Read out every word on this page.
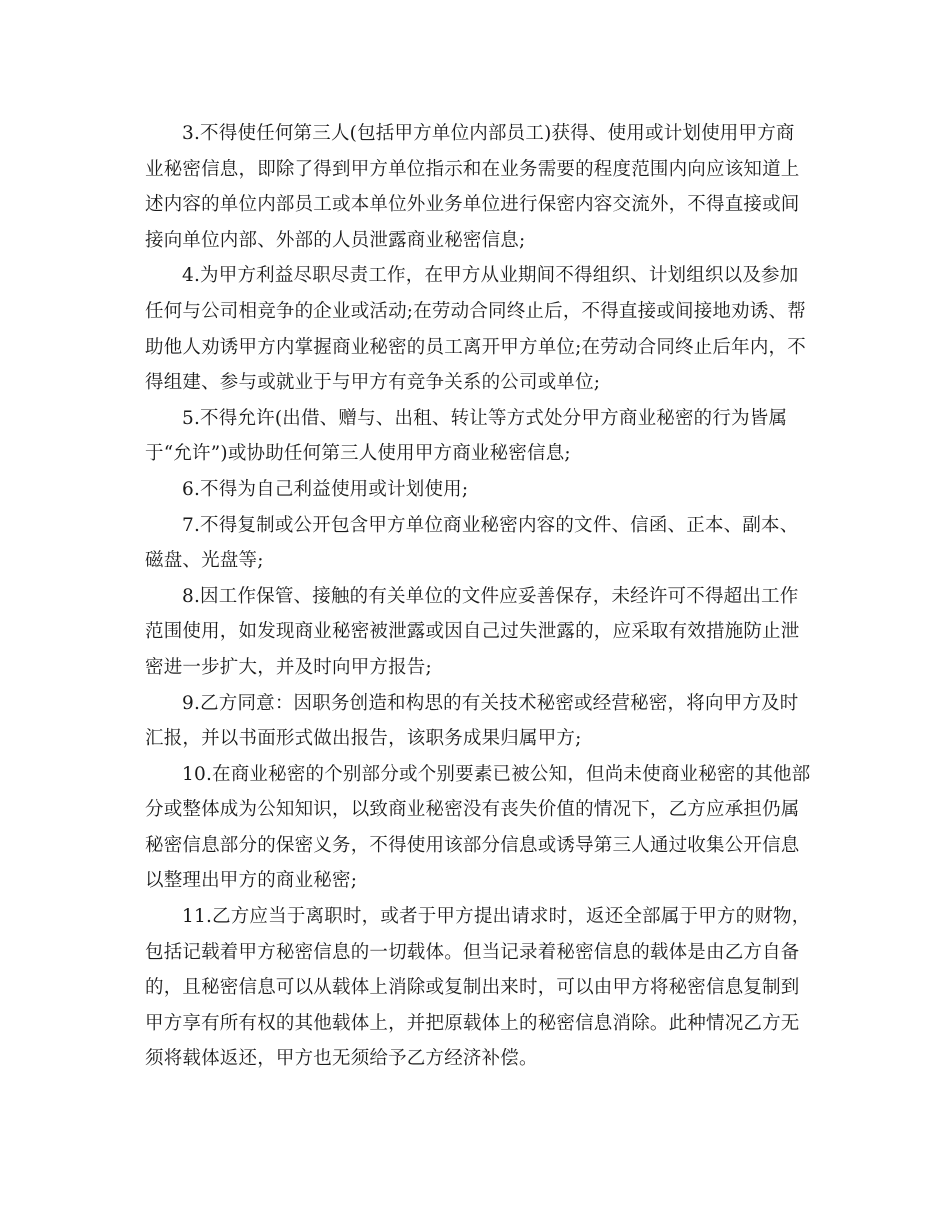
3.不得使任何第三人(包括甲方单位内部员工)获得、使用或计划使用甲方商
业秘密信息，即除了得到甲方单位指示和在业务需要的程度范围内向应该知道上
述内容的单位内部员工或本单位外业务单位进行保密内容交流外，不得直接或间
接向单位内部、外部的人员泄露商业秘密信息;

4.为甲方利益尽职尽责工作，在甲方从业期间不得组织、计划组织以及参加
任何与公司相竞争的企业或活动;在劳动合同终止后，不得直接或间接地劝诱、帮
助他人劝诱甲方内掌握商业秘密的员工离开甲方单位;在劳动合同终止后年内，不
得组建、参与或就业于与甲方有竞争关系的公司或单位;

5.不得允许(出借、赠与、出租、转让等方式处分甲方商业秘密的行为皆属
于“允许”)或协助任何第三人使用甲方商业秘密信息;

6.不得为自己利益使用或计划使用;

7.不得复制或公开包含甲方单位商业秘密内容的文件、信函、正本、副本、
磁盘、光盘等;

8.因工作保管、接触的有关单位的文件应妥善保存，未经许可不得超出工作
范围使用，如发现商业秘密被泄露或因自己过失泄露的，应采取有效措施防止泄
密进一步扩大，并及时向甲方报告;

9.乙方同意：因职务创造和构思的有关技术秘密或经营秘密，将向甲方及时
汇报，并以书面形式做出报告，该职务成果归属甲方;

10.在商业秘密的个别部分或个别要素已被公知，但尚未使商业秘密的其他部
分或整体成为公知知识，以致商业秘密没有丧失价值的情况下，乙方应承担仍属
秘密信息部分的保密义务，不得使用该部分信息或诱导第三人通过收集公开信息
以整理出甲方的商业秘密;

11.乙方应当于离职时，或者于甲方提出请求时，返还全部属于甲方的财物，
包括记载着甲方秘密信息的一切载体。但当记录着秘密信息的载体是由乙方自备
的，且秘密信息可以从载体上消除或复制出来时，可以由甲方将秘密信息复制到
甲方享有所有权的其他载体上，并把原载体上的秘密信息消除。此种情况乙方无
须将载体返还，甲方也无须给予乙方经济补偿。
